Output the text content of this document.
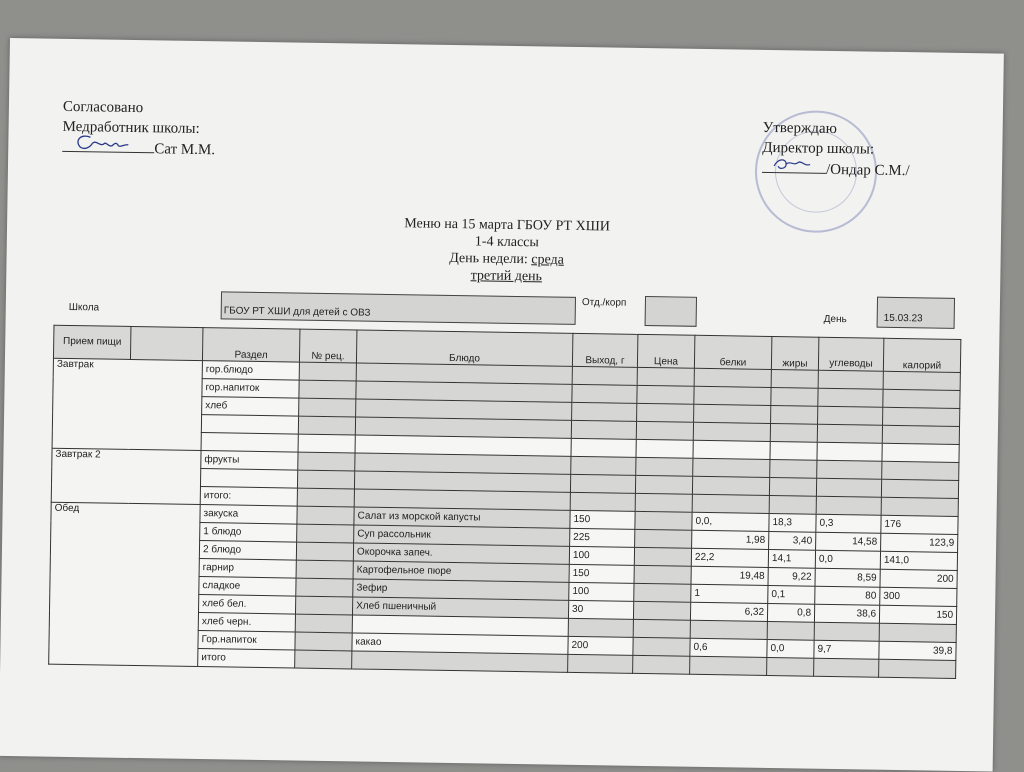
Согласовано
Медработник школы:
Сат М.М.
Утверждаю
Директор школы:
/Ондар С.М./
Меню на 15 марта ГБОУ РТ ХШИ
1-4 классы
День недели: среда
третий день
Школа	ГБОУ РТ ХШИ для детей с ОВЗ
Отд./корп
День	15.03.23
Прием пищи		Раздел	№ рец.	Блюдо	Выход, г	Цена	белки	жиры	углеводы	калорий
Завтрак		гор.блюдо								
		гор.напиток								
		хлеб								

Завтрак 2		фрукты								

		итого:								
Обед		закуска		Салат из морской капусты	150		0,0,	18,3	0,3	176
		1 блюдо		Суп рассольник	225		1,98	3,40	14,58	123,9
		2 блюдо		Окорочка запеч.	100		22,2	14,1	0,0	141,0
		гарнир		Картофельное пюре	150		19,48	9,22	8,59	200
		сладкое		Зефир	100		1	0,1	80	300
		хлеб бел.		Хлеб пшеничный	30		6,32	0,8	38,6	150
		хлеб черн.								
		Гор.напиток		какао	200		0,6	0,0	9,7	39,8
		итого								
